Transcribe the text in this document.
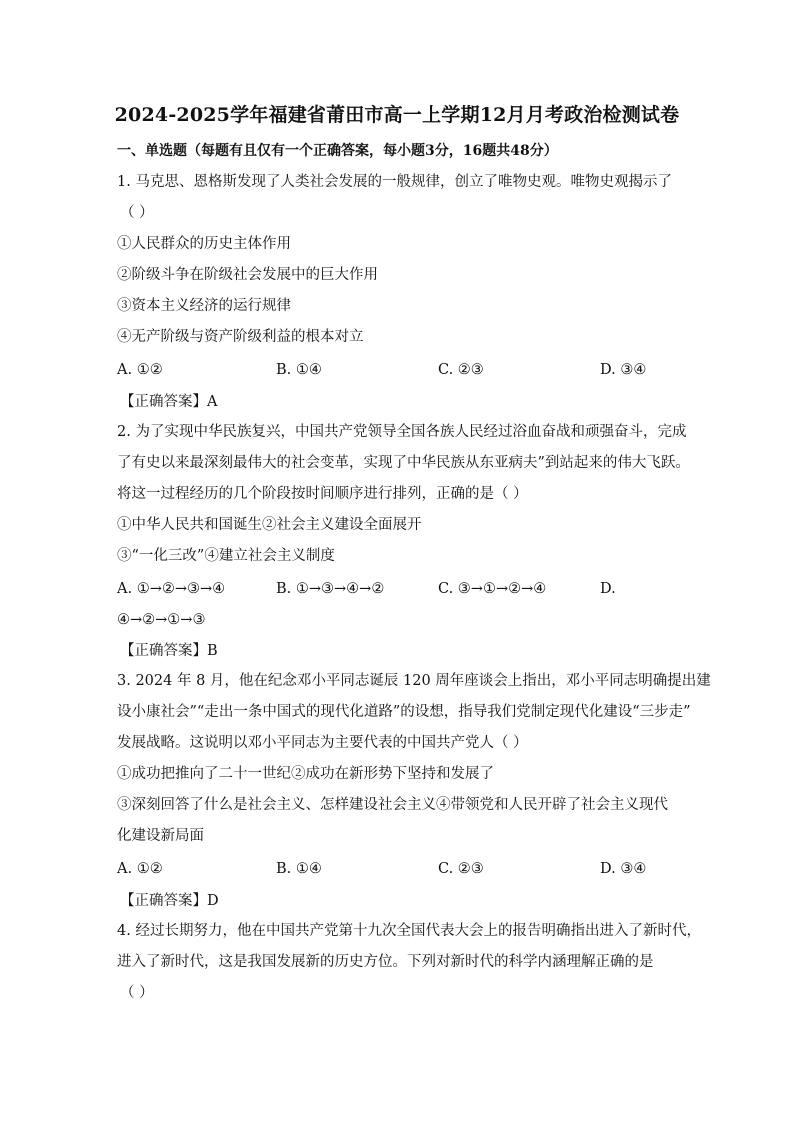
2024-2025学年福建省莆田市高一上学期12月月考政治检测试卷
一、单选题（每题有且仅有一个正确答案，每小题3分，16题共48分）
1. 马克思、恩格斯发现了人类社会发展的一般规律，创立了唯物史观。唯物史观揭示了
（ ）
①人民群众的历史主体作用
②阶级斗争在阶级社会发展中的巨大作用
③资本主义经济的运行规律
④无产阶级与资产阶级利益的根本对立
A. ①②	B. ①④	C. ②③	D. ③④
【正确答案】A
2. 为了实现中华民族复兴，中国共产党领导全国各族人民经过浴血奋战和顽强奋斗，完成
了有史以来最深刻最伟大的社会变革，实现了中华民族从东亚病夫”到站起来的伟大飞跃。
将这一过程经历的几个阶段按时间顺序进行排列，正确的是（ ）
①中华人民共和国诞生②社会主义建设全面展开
③“一化三改”④建立社会主义制度
A. ①→②→③→④	B. ①→③→④→②	C. ③→①→②→④	D.
④→②→①→③
【正确答案】B
3. 2024 年 8 月，他在纪念邓小平同志诞辰 120 周年座谈会上指出，邓小平同志明确提出建
设小康社会”“走出一条中国式的现代化道路”的设想，指导我们党制定现代化建设“三步走”
发展战略。这说明以邓小平同志为主要代表的中国共产党人（ ）
①成功把推向了二十一世纪②成功在新形势下坚持和发展了
③深刻回答了什么是社会主义、怎样建设社会主义④带领党和人民开辟了社会主义现代
化建设新局面
A. ①②	B. ①④	C. ②③	D. ③④
【正确答案】D
4. 经过长期努力，他在中国共产党第十九次全国代表大会上的报告明确指出进入了新时代，
进入了新时代，这是我国发展新的历史方位。下列对新时代的科学内涵理解正确的是
（ ）
